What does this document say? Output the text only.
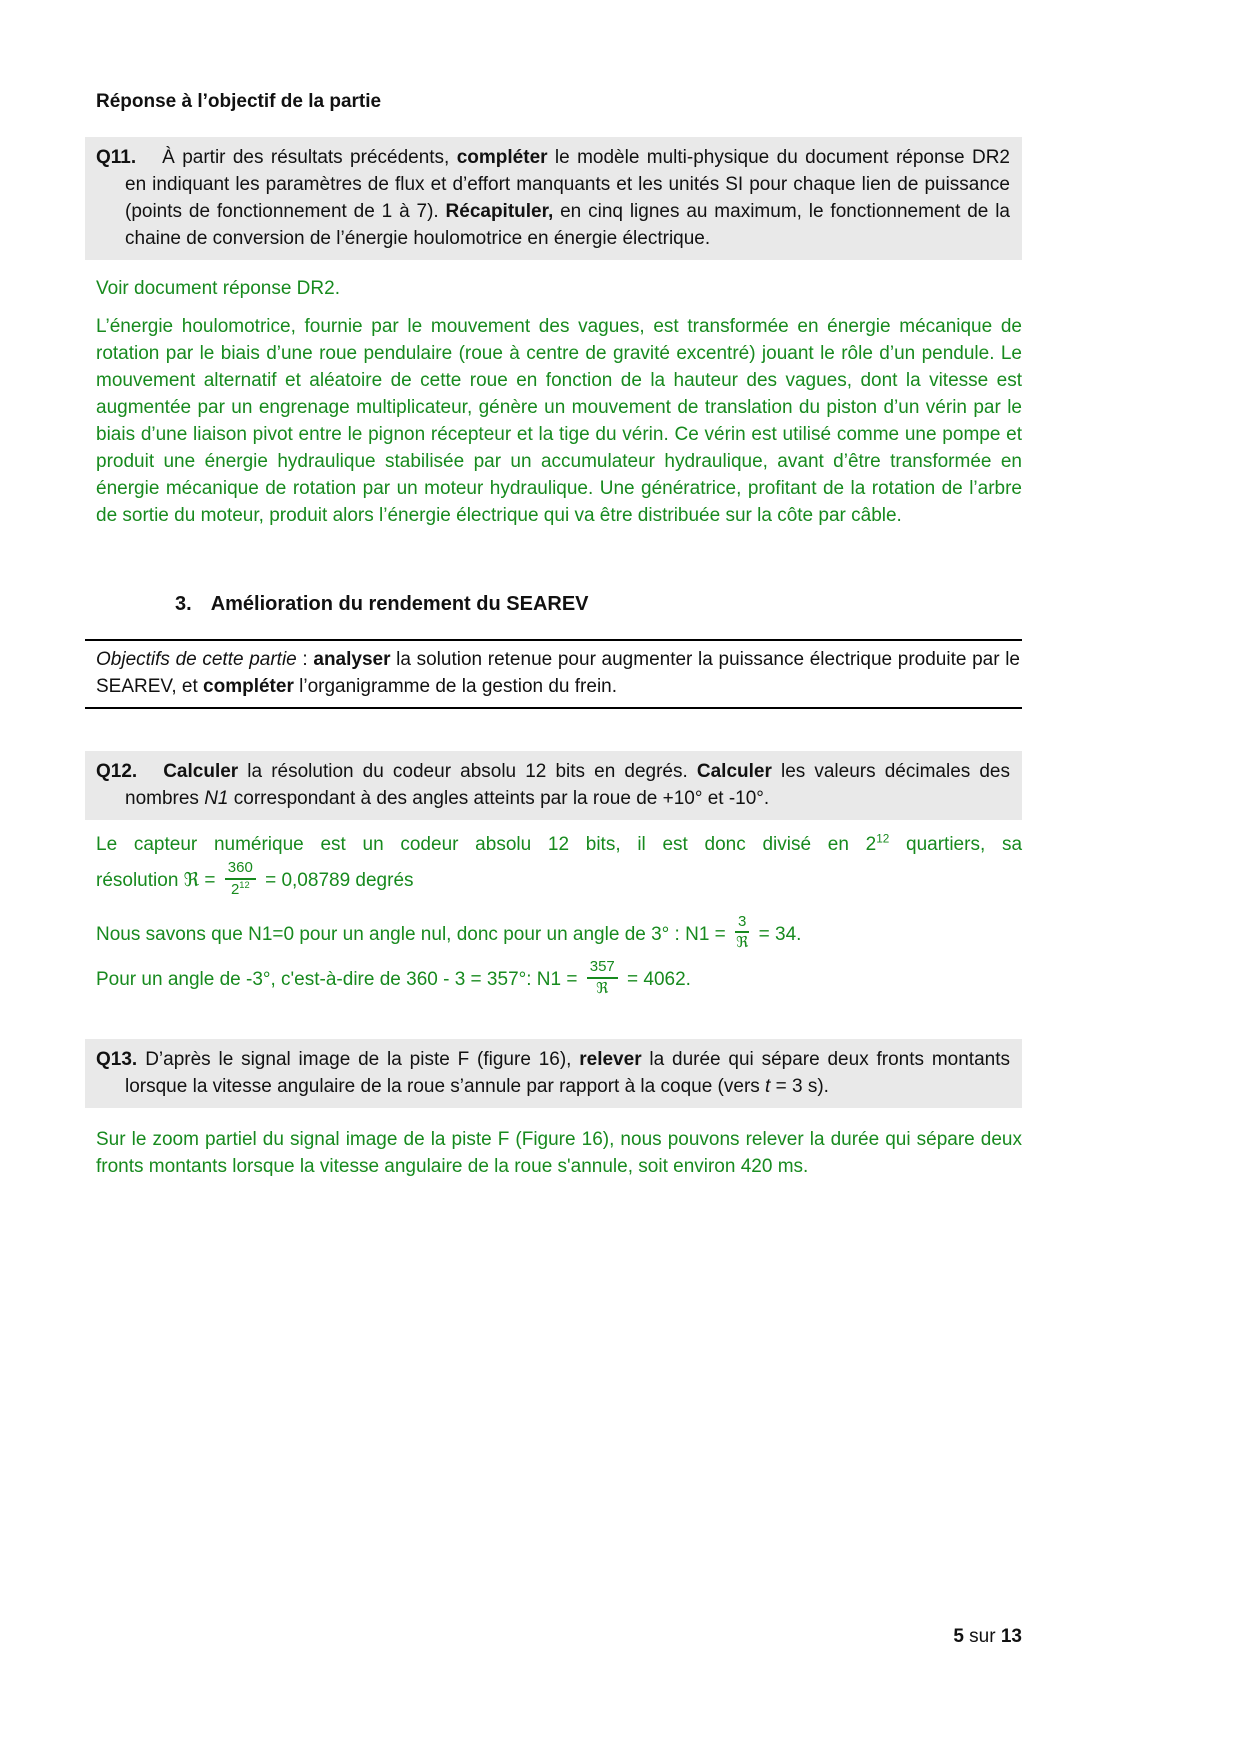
Réponse à l’objectif de la partie
Q11. À partir des résultats précédents, compléter le modèle multi-physique du document réponse DR2 en indiquant les paramètres de flux et d’effort manquants et les unités SI pour chaque lien de puissance (points de fonctionnement de 1 à 7). Récapituler, en cinq lignes au maximum, le fonctionnement de la chaine de conversion de l’énergie houlomotrice en énergie électrique.
Voir document réponse DR2.
L’énergie houlomotrice, fournie par le mouvement des vagues, est transformée en énergie mécanique de rotation par le biais d’une roue pendulaire (roue à centre de gravité excentré) jouant le rôle d’un pendule. Le mouvement alternatif et aléatoire de cette roue en fonction de la hauteur des vagues, dont la vitesse est augmentée par un engrenage multiplicateur, génère un mouvement de translation du piston d’un vérin par le biais d’une liaison pivot entre le pignon récepteur et la tige du vérin. Ce vérin est utilisé comme une pompe et produit une énergie hydraulique stabilisée par un accumulateur hydraulique, avant d’être transformée en énergie mécanique de rotation par un moteur hydraulique. Une génératrice, profitant de la rotation de l’arbre de sortie du moteur, produit alors l’énergie électrique qui va être distribuée sur la côte par câble.
3. Amélioration du rendement du SEAREV
Objectifs de cette partie : analyser la solution retenue pour augmenter la puissance électrique produite par le SEAREV, et compléter l’organigramme de la gestion du frein.
Q12. Calculer la résolution du codeur absolu 12 bits en degrés. Calculer les valeurs décimales des nombres N1 correspondant à des angles atteints par la roue de +10° et -10°.
Le capteur numérique est un codeur absolu 12 bits, il est donc divisé en $2^{12}$ quartiers, sa
résolution ℜ = $\frac{360}{2^{12}} = 0,08789$ degrés
Nous savons que N1=0 pour un angle nul, donc pour un angle de 3° : $N1 = \frac{3}{\text{ℜ}} = 34$.
Pour un angle de -3°, c'est-à-dire de 360 - 3 = 357°: $N1 = \frac{357}{\text{ℜ}} = 4062$.
Q13. D’après le signal image de la piste F (figure 16), relever la durée qui sépare deux fronts montants lorsque la vitesse angulaire de la roue s’annule par rapport à la coque (vers t = 3 s).
Sur le zoom partiel du signal image de la piste F (Figure 16), nous pouvons relever la durée qui sépare deux fronts montants lorsque la vitesse angulaire de la roue s'annule, soit environ 420 ms.
5 sur 13
